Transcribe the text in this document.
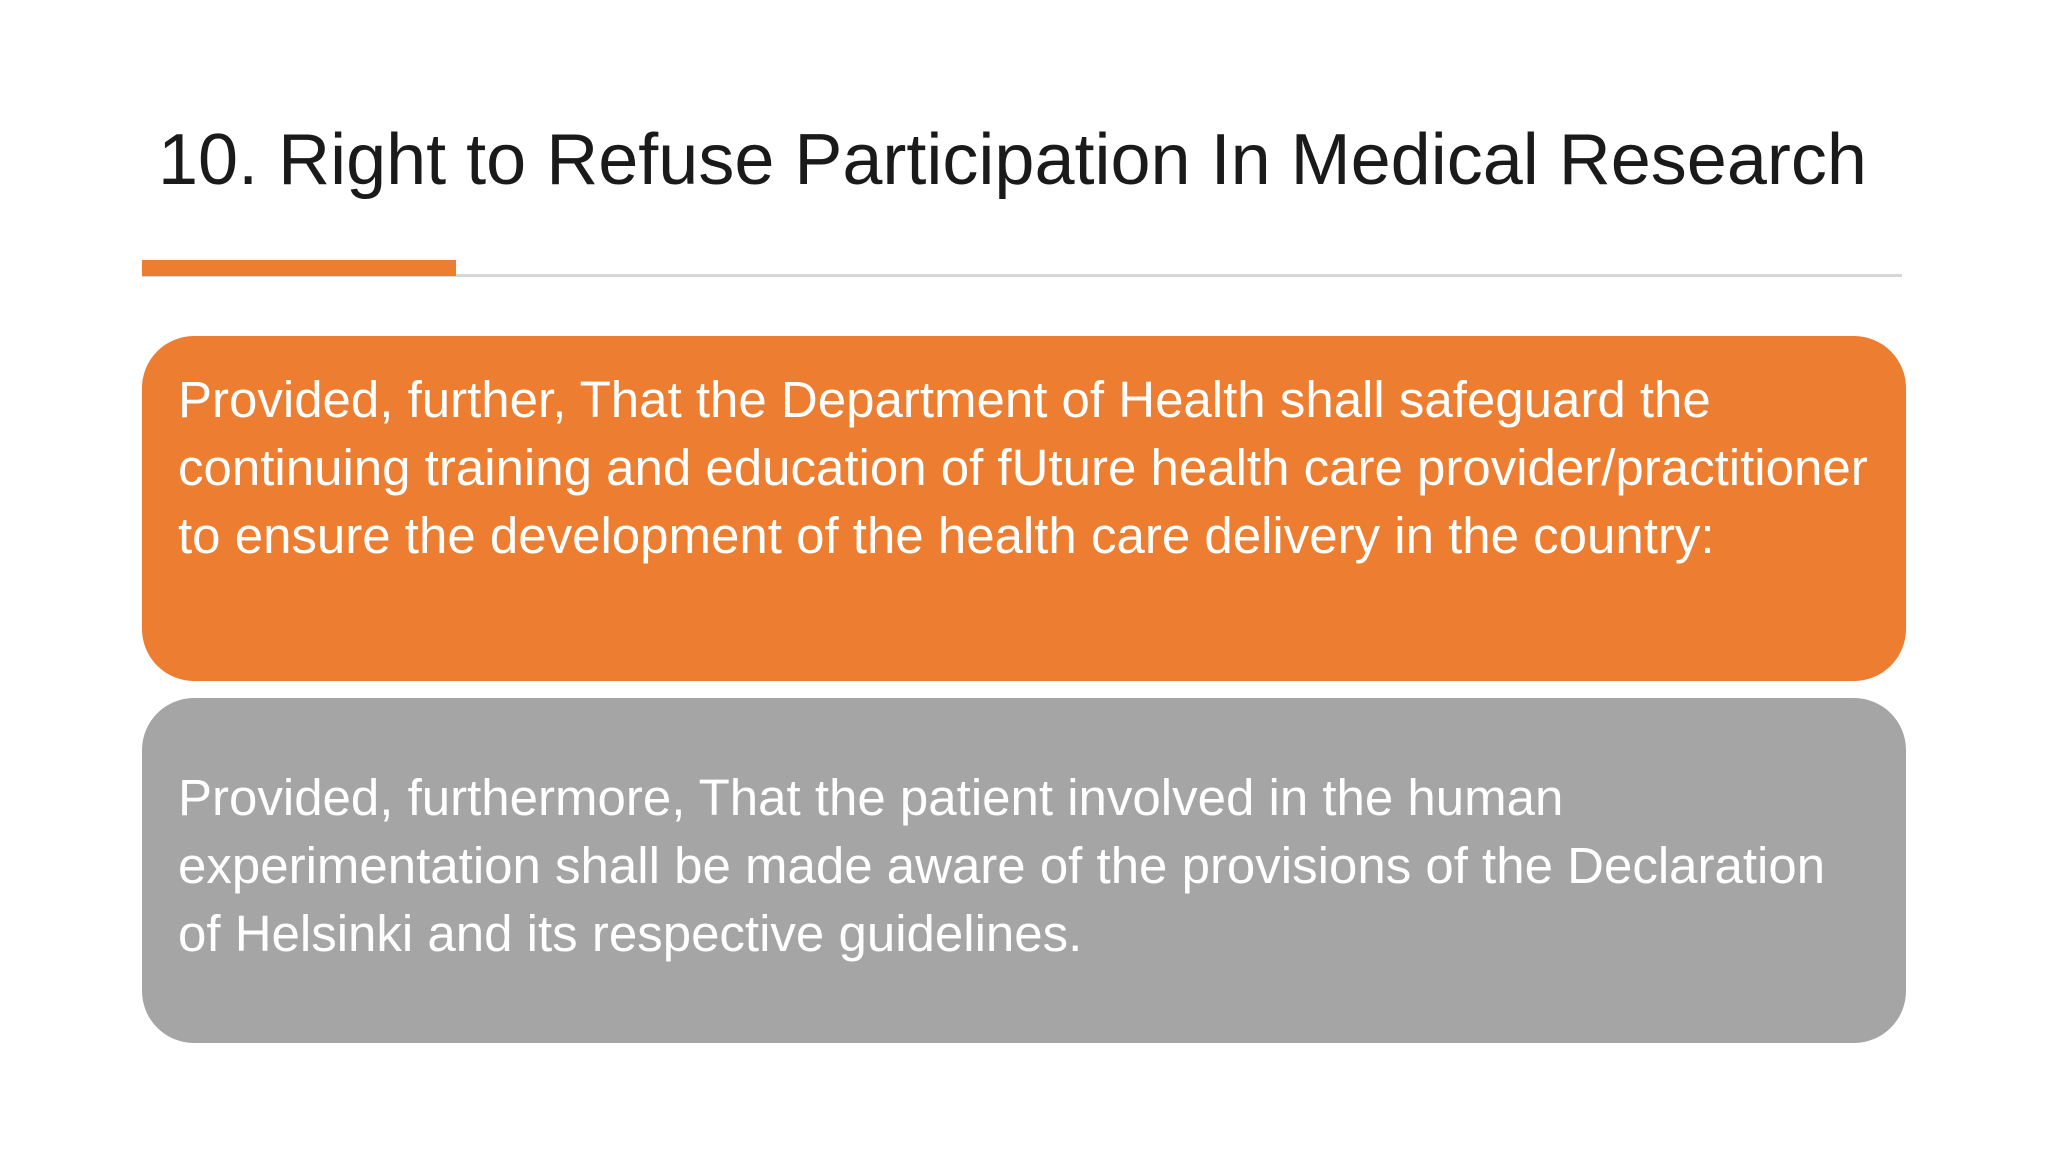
10. Right to Refuse Participation In Medical Research
Provided, further, That the Department of Health shall safeguard the continuing training and education of fUture health care provider/practitioner to ensure the development of the health care delivery in the country:
Provided, furthermore, That the patient involved in the human experimentation shall be made aware of the provisions of the Declaration of Helsinki and its respective guidelines.
